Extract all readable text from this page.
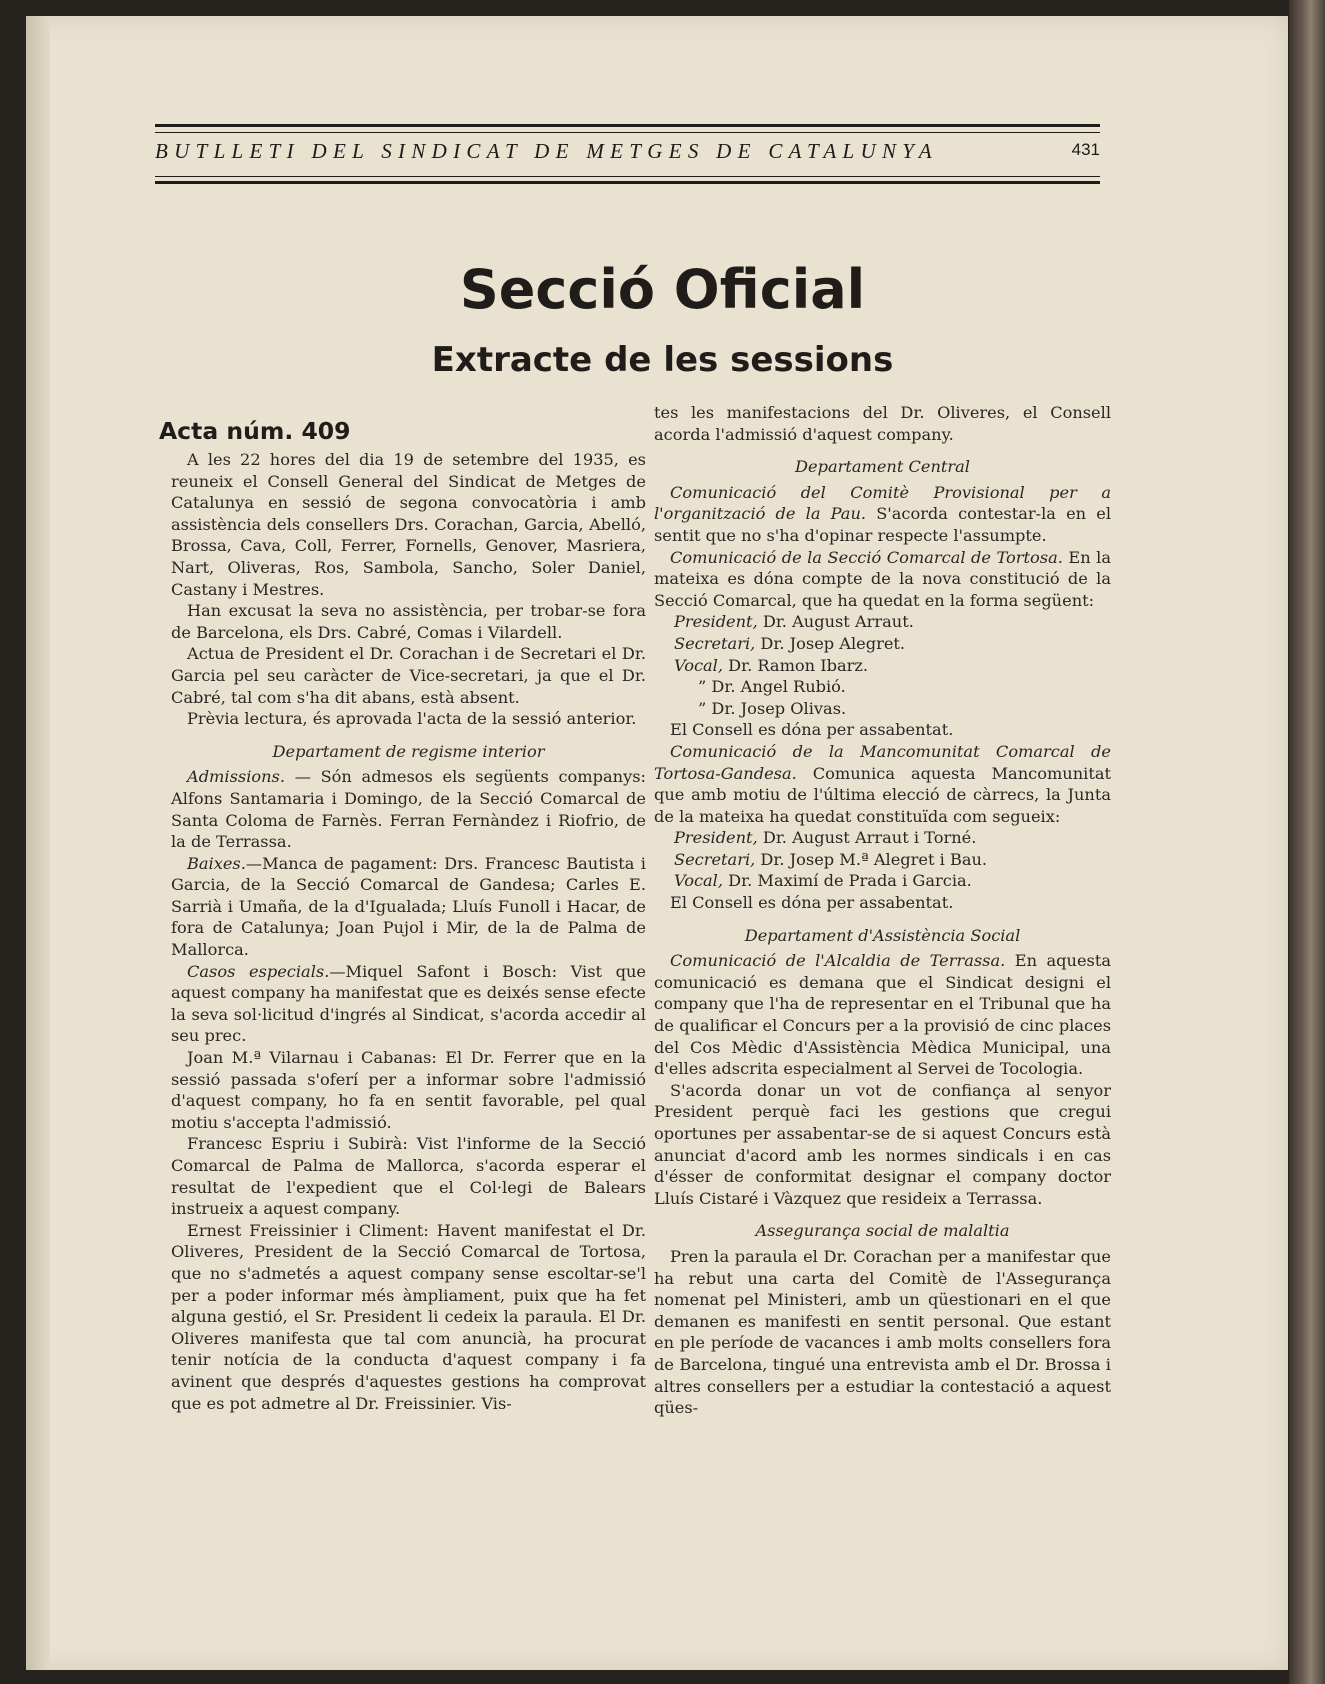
BUTLLETI DEL SINDICAT DE METGES DE CATALUNYA	431
Secció Oficial
Extracte de les sessions
Acta núm. 409

A les 22 hores del dia 19 de setembre del 1935, es reuneix el Consell General del Sindicat de Metges de Catalunya en sessió de segona convocatòria i amb assistència dels consellers Drs. Corachan, Garcia, Abelló, Brossa, Cava, Coll, Ferrer, Fornells, Genover, Masriera, Nart, Oliveras, Ros, Sambola, Sancho, Soler Daniel, Castany i Mestres.

Han excusat la seva no assistència, per trobar-se fora de Barcelona, els Drs. Cabré, Comas i Vilardell.

Actua de President el Dr. Corachan i de Secretari el Dr. Garcia pel seu caràcter de Vice-secretari, ja que el Dr. Cabré, tal com s'ha dit abans, està absent.

Prèvia lectura, és aprovada l'acta de la sessió anterior.

Departament de regisme interior

Admissions. — Són admesos els següents companys: Alfons Santamaria i Domingo, de la Secció Comarcal de Santa Coloma de Farnès. Ferran Fernàndez i Riofrio, de la de Terrassa.

Baixes.—Manca de pagament: Drs. Francesc Bautista i Garcia, de la Secció Comarcal de Gandesa; Carles E. Sarrià i Umaña, de la d'Igualada; Lluís Funoll i Hacar, de fora de Catalunya; Joan Pujol i Mir, de la de Palma de Mallorca.

Casos especials.—Miquel Safont i Bosch: Vist que aquest company ha manifestat que es deixés sense efecte la seva sol·licitud d'ingrés al Sindicat, s'acorda accedir al seu prec.

Joan M.ª Vilarnau i Cabanas: El Dr. Ferrer que en la sessió passada s'oferí per a informar sobre l'admissió d'aquest company, ho fa en sentit favorable, pel qual motiu s'accepta l'admissió.

Francesc Espriu i Subirà: Vist l'informe de la Secció Comarcal de Palma de Mallorca, s'acorda esperar el resultat de l'expedient que el Col·legi de Balears instrueix a aquest company.

Ernest Freissinier i Climent: Havent manifestat el Dr. Oliveres, President de la Secció Comarcal de Tortosa, que no s'admetés a aquest company sense escoltar-se'l per a poder informar més àmpliament, puix que ha fet alguna gestió, el Sr. President li cedeix la paraula. El Dr. Oliveres manifesta que tal com anuncià, ha procurat tenir notícia de la conducta d'aquest company i fa avinent que després d'aquestes gestions ha comprovat que es pot admetre al Dr. Freissinier. Vis-

tes les manifestacions del Dr. Oliveres, el Consell acorda l'admissió d'aquest company.

Departament Central

Comunicació del Comitè Provisional per a l'organització de la Pau. S'acorda contestar-la en el sentit que no s'ha d'opinar respecte l'assumpte.

Comunicació de la Secció Comarcal de Tortosa. En la mateixa es dóna compte de la nova constitució de la Secció Comarcal, que ha quedat en la forma següent:

President, Dr. August Arraut.
Secretari, Dr. Josep Alegret.
Vocal, Dr. Ramon Ibarz.
” Dr. Angel Rubió.
” Dr. Josep Olivas.

El Consell es dóna per assabentat.

Comunicació de la Mancomunitat Comarcal de Tortosa-Gandesa. Comunica aquesta Mancomunitat que amb motiu de l'última elecció de càrrecs, la Junta de la mateixa ha quedat constituïda com segueix:

President, Dr. August Arraut i Torné.
Secretari, Dr. Josep M.ª Alegret i Bau.
Vocal, Dr. Maximí de Prada i Garcia.

El Consell es dóna per assabentat.

Departament d'Assistència Social

Comunicació de l'Alcaldia de Terrassa. En aquesta comunicació es demana que el Sindicat designi el company que l'ha de representar en el Tribunal que ha de qualificar el Concurs per a la provisió de cinc places del Cos Mèdic d'Assistència Mèdica Municipal, una d'elles adscrita especialment al Servei de Tocologia.

S'acorda donar un vot de confiança al senyor President perquè faci les gestions que cregui oportunes per assabentar-se de si aquest Concurs està anunciat d'acord amb les normes sindicals i en cas d'ésser de conformitat designar el company doctor Lluís Cistaré i Vàzquez que resideix a Terrassa.

Assegurança social de malaltia

Pren la paraula el Dr. Corachan per a manifestar que ha rebut una carta del Comitè de l'Assegurança nomenat pel Ministeri, amb un qüestionari en el que demanen es manifesti en sentit personal. Que estant en ple període de vacances i amb molts consellers fora de Barcelona, tingué una entrevista amb el Dr. Brossa i altres consellers per a estudiar la contestació a aquest qües-
